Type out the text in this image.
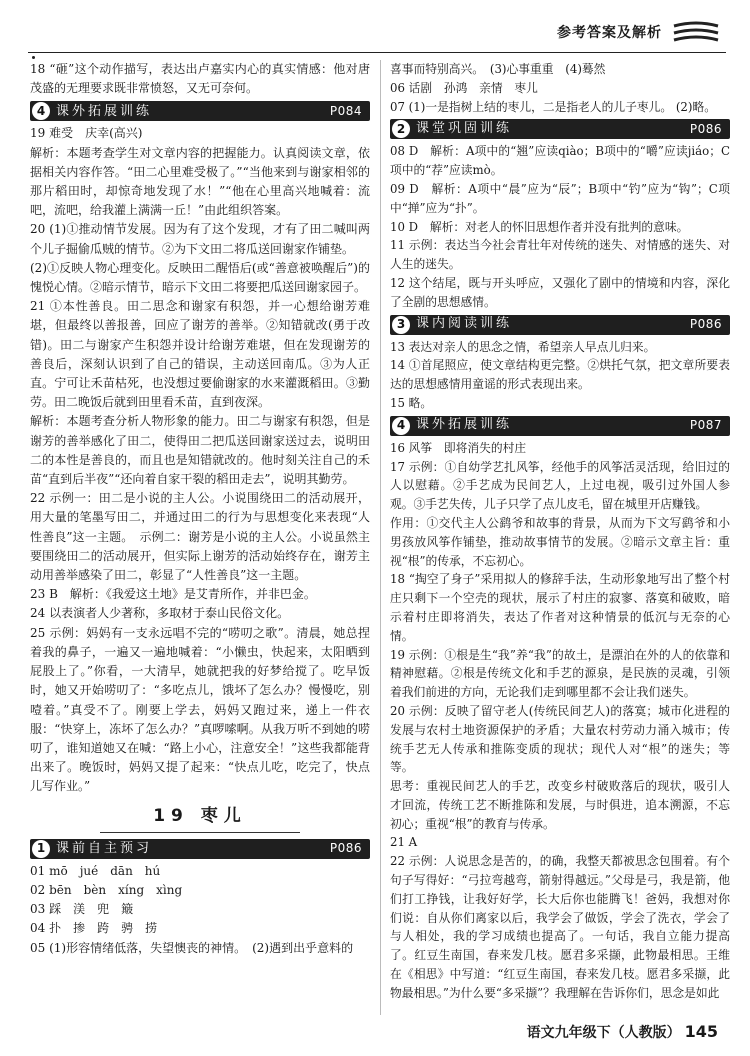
参考答案及解析

18 “砸”这个动作描写，表达出卢嘉实内心的真实情感：他对唐茂盛的无理要求既非常愤怒，又无可奈何。

4 课外拓展训练	P084

19 难受　庆幸(高兴)

解析：本题考查学生对文章内容的把握能力。认真阅读文章，依据相关内容作答。“田二心里难受极了。”“当他来到与谢家相邻的那片稻田时，却惊奇地发现了水！”“他在心里高兴地喊着：流吧，流吧，给我灌上满满一丘！”由此组织答案。

20 (1)①推动情节发展。因为有了这个发现，才有了田二喊叫两个儿子掘偷瓜贼的情节。②为下文田二将瓜送回谢家作铺垫。

(2)①反映人物心理变化。反映田二醒悟后(或“善意被唤醒后”)的愧悦心情。②暗示情节，暗示下文田二将要把瓜送回谢家园子。

21 ①本性善良。田二思念和谢家有积怨，并一心想给谢芳难堪，但最终以善报善，回应了谢芳的善举。②知错就改(勇于改错)。田二与谢家产生积怨并设计给谢芳难堪，但在发现谢芳的善良后，深刻认识到了自己的错误，主动送回南瓜。③为人正直。宁可让禾苗枯死，也没想过要偷谢家的水来灌溉稻田。③勤劳。田二晚饭后就到田里看禾苗，直到夜深。

解析：本题考查分析人物形象的能力。田二与谢家有积怨，但是谢芳的善举感化了田二，使得田二把瓜送回谢家送过去，说明田二的本性是善良的，而且也是知错就改的。他时刻关注自己的禾苗“直到后半夜”“还向着自家干裂的稻田走去”，说明其勤劳。

22 示例一：田二是小说的主人公。小说围绕田二的活动展开，用大量的笔墨写田二，并通过田二的行为与思想变化来表现“人性善良”这一主题。　示例二：谢芳是小说的主人公。小说虽然主要围绕田二的活动展开，但实际上谢芳的活动始终存在，谢芳主动用善举感染了田二，彰显了“人性善良”这一主题。

23 B　解析：《我爱这土地》是艾青所作，并非巴金。

24 以表演者人少著称，多取材于泰山民俗文化。

25 示例：妈妈有一支永远唱不完的“唠叨之歌”。清晨，她总捏着我的鼻子，一遍又一遍地喊着：“小懒虫，快起来，太阳晒到屁股上了。”你看，一大清早，她就把我的好梦给搅了。吃早饭时，她又开始唠叨了：“多吃点儿，饿坏了怎么办？慢慢吃，别噎着。”真受不了。刚要上学去，妈妈又跑过来，递上一件衣服：“快穿上，冻坏了怎么办？”真啰嗦啊。从我万听不到她的唠叨了，谁知道她又在喊：“路上小心，注意安全！”这些我都能背出来了。晚饭时，妈妈又提了起来：“快点儿吃，吃完了，快点儿写作业。”

19 枣儿
1 课前自主预习	P086

01 mō　jué　dān　hú

02 bēn　bèn　xíng　xìng

03 踩　渼　兜　簸

04 扑　掺　跨　骋　捞

05 (1)形容情绪低落，失望懊丧的神情。　(2)遇到出乎意料的

喜事而特别高兴。　(3)心事重重　(4)蓦然

06 话剧　孙鸿　亲情　枣儿

07 (1)一是指树上结的枣儿，二是指老人的儿子枣儿。 (2)略。

2 课堂巩固训练	P086

08 D　解析：A项中的“翘”应读qiào；B项中的“嚼”应读jiáo；C项中的“荐”应读mò。

09 D　解析：A项中“晨”应为“辰”；B项中“钓”应为“钩”；C项中“掸”应为“扑”。

10 D　解析：对老人的怀旧思想作者并没有批判的意味。

11 示例：表达当今社会青壮年对传统的迷失、对情感的迷失、对人生的迷失。

12 这个结尾，既与开头呼应，又强化了剧中的情境和内容，深化了全剧的思想感情。

3 课内阅读训练	P086

13 表达对亲人的思念之情，希望亲人早点儿归来。

14 ①首尾照应，使文章结构更完整。②烘托气氛，把文章所要表达的思想感情用童谣的形式表现出来。

15 略。

4 课外拓展训练	P087

16 风筝　即将消失的村庄

17 示例：①自幼学艺扎风筝，经他手的风筝活灵活现，给旧过的人以慰藉。②手艺成为民间艺人，上过电视，吸引过外国人参观。③手艺失传，儿子只学了点儿皮毛，留在城里开店赚钱。

作用：①交代主人公鹞爷和故事的背景，从而为下文写鹞爷和小男孩放风筝作铺垫，推动故事情节的发展。②暗示文章主旨：重视“根”的传承，不忘初心。

18 “掏空了身子”采用拟人的修辞手法，生动形象地写出了整个村庄只剩下一个空壳的现状，展示了村庄的寂寥、落寞和破败，暗示着村庄即将消失，表达了作者对这种情景的低沉与无奈的心情。

19 示例：①根是生“我”养“我”的故土，是漂泊在外的人的依靠和精神慰藉。②根是传统文化和手艺的源泉，是民族的灵魂，引领着我们前进的方向，无论我们走到哪里都不会让我们迷失。

20 示例：反映了留守老人(传统民间艺人)的落寞；城市化进程的发展与农村土地资源保护的矛盾；大量农村劳动力涌入城市；传统手艺无人传承和推陈变质的现状；现代人对“根”的迷失；等等。

思考：重视民间艺人的手艺，改变乡村破败落后的现状，吸引人才回流，传统工艺不断推陈和发展，与时俱进，追本溯源，不忘初心；重视“根”的教育与传承。

21 A

22 示例：人说思念是苦的，的确，我整天都被思念包围着。有个句子写得好：“弓拉弯越弯，箭射得越远。”父母是弓，我是箭，他们打工挣钱，让我好好学，长大后你也能腾飞！爸妈，我想对你们说：自从你们离家以后，我学会了做饭，学会了洗衣，学会了与人相处，我的学习成绩也提高了。一句话，我自立能力提高了。红豆生南国，春来发几枝。愿君多采撷，此物最相思。王维在《相思》中写道：“红豆生南国，春来发几枝。愿君多采撷，此物最相思。”为什么要“多采撷”？我理解在告诉你们，思念是如此

语文九年级下（人教版） 145
